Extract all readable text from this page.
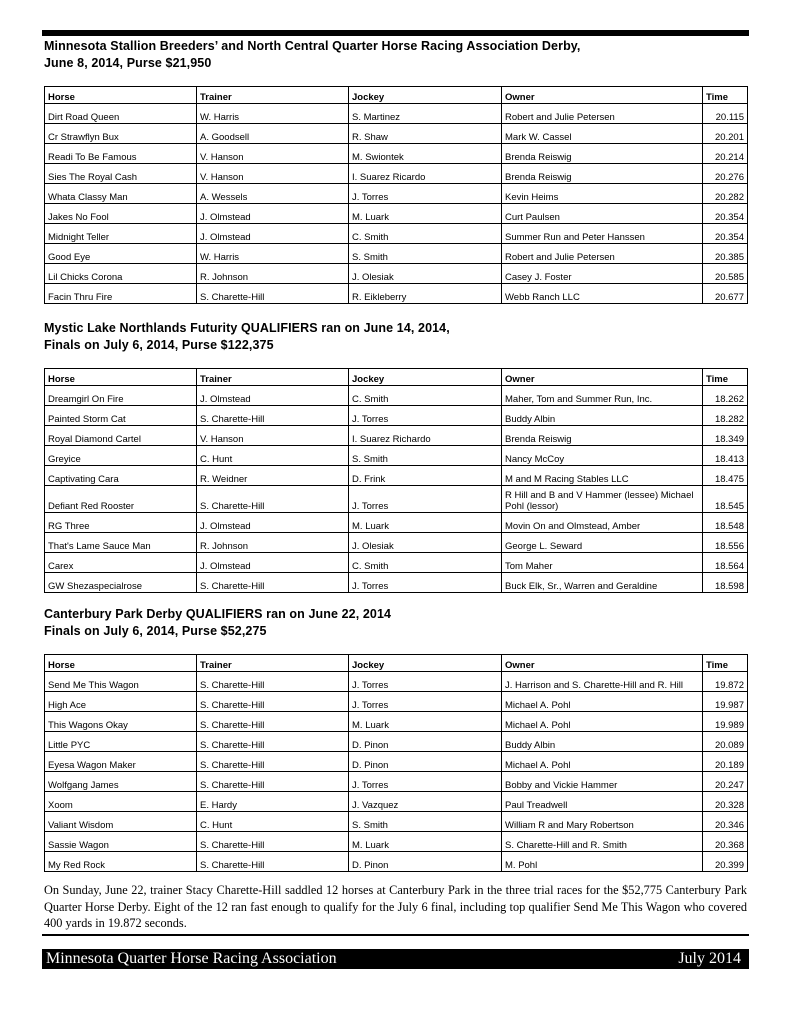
Minnesota Stallion Breeders’ and North Central Quarter Horse Racing Association Derby,
June 8, 2014, Purse $21,950
Horse	Trainer	Jockey	Owner	Time
Dirt Road Queen	W. Harris	S. Martinez	Robert and Julie Petersen	20.115
Cr Strawflyn Bux	A. Goodsell	R. Shaw	Mark W. Cassel	20.201
Readi To Be Famous	V. Hanson	M. Swiontek	Brenda Reiswig	20.214
Sies The Royal Cash	V. Hanson	I. Suarez Ricardo	Brenda Reiswig	20.276
Whata Classy Man	A. Wessels	J. Torres	Kevin Heims	20.282
Jakes No Fool	J. Olmstead	M. Luark	Curt Paulsen	20.354
Midnight Teller	J. Olmstead	C. Smith	Summer Run and Peter Hanssen	20.354
Good Eye	W. Harris	S. Smith	Robert and Julie Petersen	20.385
Lil Chicks Corona	R. Johnson	J. Olesiak	Casey J. Foster	20.585
Facin Thru Fire	S. Charette-Hill	R. Eikleberry	Webb Ranch LLC	20.677
Mystic Lake Northlands Futurity QUALIFIERS ran on June 14, 2014,
Finals on July 6, 2014, Purse $122,375
Horse	Trainer	Jockey	Owner	Time
Dreamgirl On Fire	J. Olmstead	C. Smith	Maher, Tom and Summer Run, Inc.	18.262
Painted Storm Cat	S. Charette-Hill	J. Torres	Buddy Albin	18.282
Royal Diamond Cartel	V. Hanson	I. Suarez Richardo	Brenda Reiswig	18.349
Greyice	C. Hunt	S. Smith	Nancy McCoy	18.413
Captivating Cara	R. Weidner	D. Frink	M and M Racing Stables LLC	18.475
Defiant Red Rooster	S. Charette-Hill	J. Torres	R Hill and B and V Hammer (lessee) Michael Pohl (lessor)	18.545
RG Three	J. Olmstead	M. Luark	Movin On and Olmstead, Amber	18.548
That's Lame Sauce Man	R. Johnson	J. Olesiak	George L. Seward	18.556
Carex	J. Olmstead	C. Smith	Tom Maher	18.564
GW Shezaspecialrose	S. Charette-Hill	J. Torres	Buck Elk, Sr., Warren and Geraldine	18.598
Canterbury Park Derby QUALIFIERS ran on June 22, 2014
Finals on July 6, 2014, Purse $52,275
Horse	Trainer	Jockey	Owner	Time
Send Me This Wagon	S. Charette-Hill	J. Torres	J. Harrison and S. Charette-Hill and R. Hill	19.872
High Ace	S. Charette-Hill	J. Torres	Michael A. Pohl	19.987
This Wagons Okay	S. Charette-Hill	M. Luark	Michael A. Pohl	19.989
Little PYC	S. Charette-Hill	D. Pinon	Buddy Albin	20.089
Eyesa Wagon Maker	S. Charette-Hill	D. Pinon	Michael A. Pohl	20.189
Wolfgang James	S. Charette-Hill	J. Torres	Bobby and Vickie Hammer	20.247
Xoom	E. Hardy	J. Vazquez	Paul Treadwell	20.328
Valiant Wisdom	C. Hunt	S. Smith	William R and Mary Robertson	20.346
Sassie Wagon	S. Charette-Hill	M. Luark	S. Charette-Hill and R. Smith	20.368
My Red Rock	S. Charette-Hill	D. Pinon	M. Pohl	20.399
On Sunday, June 22, trainer Stacy Charette-Hill saddled 12 horses at Canterbury Park in the three trial races for the $52,775 Canterbury Park Quarter Horse Derby. Eight of the 12 ran fast enough to qualify for the July 6 final, including top qualifier Send Me This Wagon who covered 400 yards in 19.872 seconds.
Minnesota Quarter Horse Racing Association	July 2014
